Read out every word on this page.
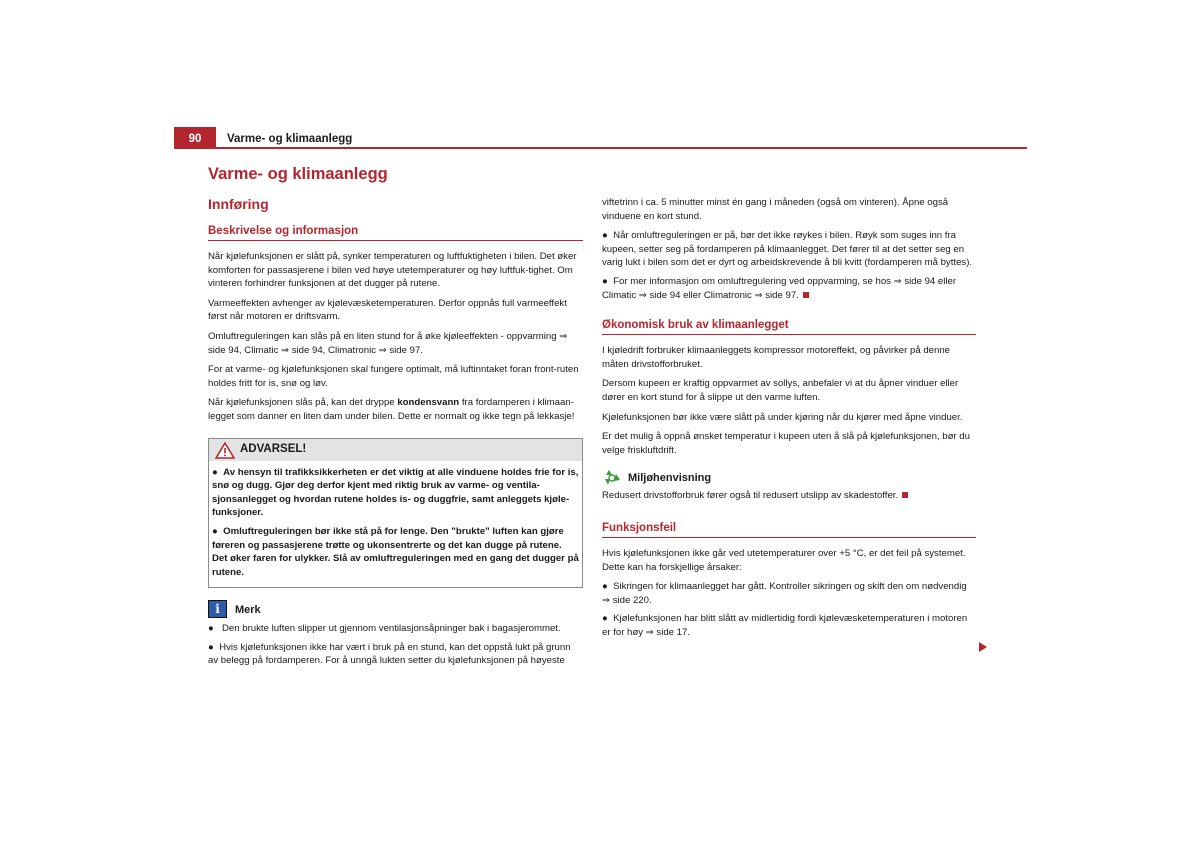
90	Varme- og klimaanlegg
Varme- og klimaanlegg
Innføring
Beskrivelse og informasjon

Når kjølefunksjonen er slått på, synker temperaturen og luftfuktigheten i bilen. Det øker komforten for passasjerene i bilen ved høye utetemperaturer og høy luftfuk-tighet. Om vinteren forhindrer funksjonen at det dugger på rutene.

Varmeeffekten avhenger av kjølevæsketemperaturen. Derfor oppnås full varmeeffekt først når motoren er driftsvarm.

Omluftreguleringen kan slås på en liten stund for å øke kjøleeffekten - oppvarming ⇒ side 94, Climatic ⇒ side 94, Climatronic ⇒ side 97.

For at varme- og kjølefunksjonen skal fungere optimalt, må luftinntaket foran front-ruten holdes fritt for is, snø og løv.

Når kjølefunksjonen slås på, kan det dryppe kondensvann fra fordamperen i klimaan-legget som danner en liten dam under bilen. Dette er normalt og ikke tegn på lekkasje!

ADVARSEL!

●  Av hensyn til trafikksikkerheten er det viktig at alle vinduene holdes frie for is, snø og dugg. Gjør deg derfor kjent med riktig bruk av varme- og ventila-sjonsanlegget og hvordan rutene holdes is- og duggfrie, samt anleggets kjøle-funksjoner.

●  Omluftreguleringen bør ikke stå på for lenge. Den "brukte" luften kan gjøre føreren og passasjerene trøtte og ukonsentrerte og det kan dugge på rutene. Det øker faren for ulykker. Slå av omluftreguleringen med en gang det dugger på rutene.

i	Merk

● Den brukte luften slipper ut gjennom ventilasjonsåpninger bak i bagasjerommet.

●  Hvis kjølefunksjonen ikke har vært i bruk på en stund, kan det oppstå lukt på grunn av belegg på fordamperen. For å unngå lukten setter du kjølefunksjonen på høyeste

viftetrinn i ca. 5 minutter minst én gang i måneden (også om vinteren). Åpne også vinduene en kort stund.

●  Når omluftreguleringen er på, bør det ikke røykes i bilen. Røyk som suges inn fra kupeen, setter seg på fordamperen på klimaanlegget. Det fører til at det setter seg en varig lukt i bilen som det er dyrt og arbeidskrevende å bli kvitt (fordamperen må byttes).

●  For mer informasjon om omluftregulering ved oppvarming, se hos ⇒ side 94 eller Climatic ⇒ side 94 eller Climatronic ⇒ side 97.

Økonomisk bruk av klimaanlegget

I kjøledrift forbruker klimaanleggets kompressor motoreffekt, og påvirker på denne måten drivstofforbruket.

Dersom kupeen er kraftig oppvarmet av sollys, anbefaler vi at du åpner vinduer eller dører en kort stund for å slippe ut den varme luften.

Kjølefunksjonen bør ikke være slått på under kjøring når du kjører med åpne vinduer.

Er det mulig å oppnå ønsket temperatur i kupeen uten å slå på kjølefunksjonen, bør du velge friskluftdrift.

Miljøhenvisning

Redusert drivstofforbruk fører også til redusert utslipp av skadestoffer.

Funksjonsfeil

Hvis kjølefunksjonen ikke går ved utetemperaturer over +5 °C, er det feil på systemet. Dette kan ha forskjellige årsaker:

●  Sikringen for klimaanlegget har gått. Kontroller sikringen og skift den om nødvendig ⇒ side 220.

●  Kjølefunksjonen har blitt slått av midlertidig fordi kjølevæsketemperaturen i motoren er for høy ⇒ side 17.
